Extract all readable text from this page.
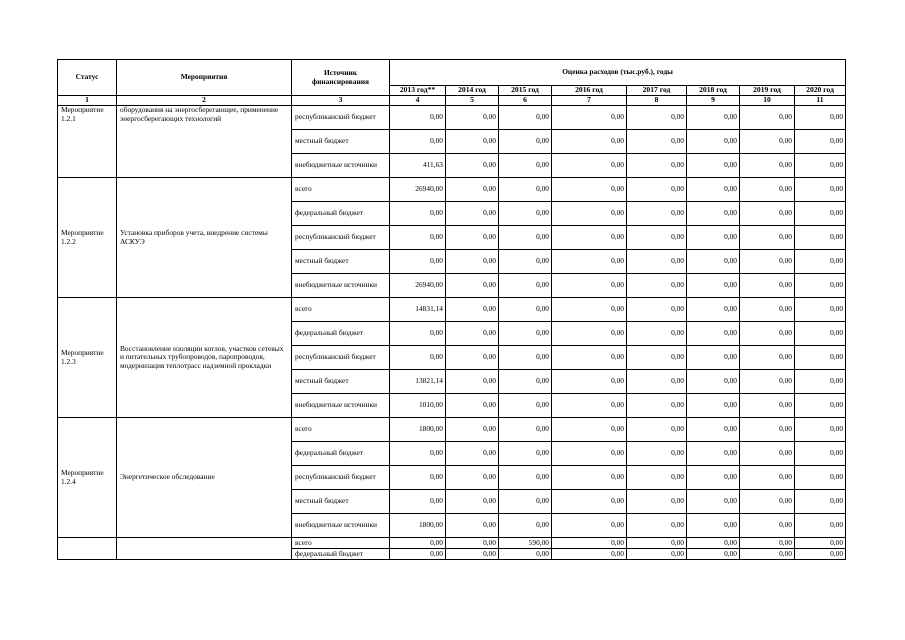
Статус	Мероприятия	Источник финансирования	Оценка расходов (тыс.руб.), годы							
			2013 год**	2014 год	2015 год	2016 год	2017 год	2018 год	2019 год	2020 год
1	2	3	4	5	6	7	8	9	10	11
Мероприятие 1.2.1	оборудования на энергосберегающее, применение энергосберегающих технологий	республиканский бюджет	0,00	0,00	0,00	0,00	0,00	0,00	0,00	0,00
		местный бюджет	0,00	0,00	0,00	0,00	0,00	0,00	0,00	0,00
		внебюджетные источники	411,63	0,00	0,00	0,00	0,00	0,00	0,00	0,00
Мероприятие 1.2.2	Установка приборов учета, внедрение системы АСКУЭ	всего	26940,00	0,00	0,00	0,00	0,00	0,00	0,00	0,00
		федеральный бюджет	0,00	0,00	0,00	0,00	0,00	0,00	0,00	0,00
		республиканский бюджет	0,00	0,00	0,00	0,00	0,00	0,00	0,00	0,00
		местный бюджет	0,00	0,00	0,00	0,00	0,00	0,00	0,00	0,00
		внебюджетные источники	26940,00	0,00	0,00	0,00	0,00	0,00	0,00	0,00
Мероприятие 1.2.3	Восстановление изоляции котлов, участков сетевых и питательных трубопроводов, паропроводов, модернизация теплотрасс надземной прокладки	всего	14831,14	0,00	0,00	0,00	0,00	0,00	0,00	0,00
		федеральный бюджет	0,00	0,00	0,00	0,00	0,00	0,00	0,00	0,00
		республиканский бюджет	0,00	0,00	0,00	0,00	0,00	0,00	0,00	0,00
		местный бюджет	13821,14	0,00	0,00	0,00	0,00	0,00	0,00	0,00
		внебюджетные источники	1010,00	0,00	0,00	0,00	0,00	0,00	0,00	0,00
Мероприятие 1.2.4	Энергетическое обследование	всего	1800,00	0,00	0,00	0,00	0,00	0,00	0,00	0,00
		федеральный бюджет	0,00	0,00	0,00	0,00	0,00	0,00	0,00	0,00
		республиканский бюджет	0,00	0,00	0,00	0,00	0,00	0,00	0,00	0,00
		местный бюджет	0,00	0,00	0,00	0,00	0,00	0,00	0,00	0,00
		внебюджетные источники	1800,00	0,00	0,00	0,00	0,00	0,00	0,00	0,00
		всего	0,00	0,00	590,00	0,00	0,00	0,00	0,00	0,00
		федеральный бюджет	0,00	0,00	0,00	0,00	0,00	0,00	0,00	0,00
